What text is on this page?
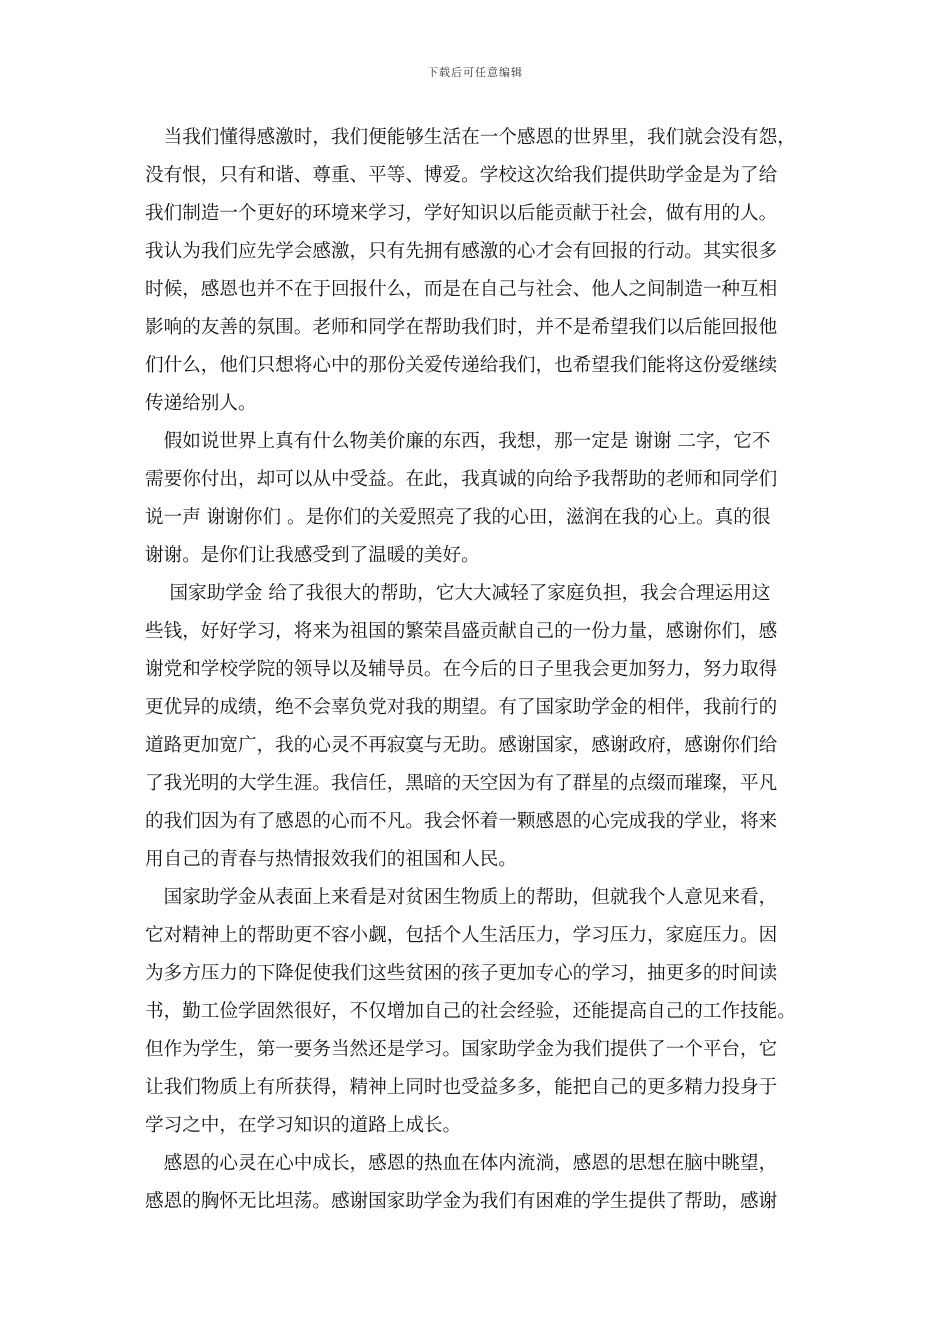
下载后可任意编辑
　当我们懂得感激时，我们便能够生活在一个感恩的世界里，我们就会没有怨，
没有恨，只有和谐、尊重、平等、博爱。学校这次给我们提供助学金是为了给
我们制造一个更好的环境来学习，学好知识以后能贡献于社会，做有用的人。
我认为我们应先学会感激，只有先拥有感激的心才会有回报的行动。其实很多
时候，感恩也并不在于回报什么，而是在自己与社会、他人之间制造一种互相
影响的友善的氛围。老师和同学在帮助我们时，并不是希望我们以后能回报他
们什么，他们只想将心中的那份关爱传递给我们，也希望我们能将这份爱继续
传递给别人。
　假如说世界上真有什么物美价廉的东西，我想，那一定是 谢谢 二字，它不
需要你付出，却可以从中受益。在此，我真诚的向给予我帮助的老师和同学们
说一声 谢谢你们 。是你们的关爱照亮了我的心田，滋润在我的心上。真的很
谢谢。是你们让我感受到了温暖的美好。
　 国家助学金 给了我很大的帮助，它大大减轻了家庭负担，我会合理运用这
些钱，好好学习，将来为祖国的繁荣昌盛贡献自己的一份力量，感谢你们，感
谢党和学校学院的领导以及辅导员。在今后的日子里我会更加努力，努力取得
更优异的成绩，绝不会辜负党对我的期望。有了国家助学金的相伴，我前行的
道路更加宽广，我的心灵不再寂寞与无助。感谢国家，感谢政府，感谢你们给
了我光明的大学生涯。我信任，黑暗的天空因为有了群星的点缀而璀璨，平凡
的我们因为有了感恩的心而不凡。我会怀着一颗感恩的心完成我的学业，将来
用自己的青春与热情报效我们的祖国和人民。
　国家助学金从表面上来看是对贫困生物质上的帮助，但就我个人意见来看，
它对精神上的帮助更不容小觑，包括个人生活压力，学习压力，家庭压力。因
为多方压力的下降促使我们这些贫困的孩子更加专心的学习，抽更多的时间读
书，勤工俭学固然很好，不仅增加自己的社会经验，还能提高自己的工作技能。
但作为学生，第一要务当然还是学习。国家助学金为我们提供了一个平台，它
让我们物质上有所获得，精神上同时也受益多多，能把自己的更多精力投身于
学习之中，在学习知识的道路上成长。
　感恩的心灵在心中成长，感恩的热血在体内流淌，感恩的思想在脑中眺望，
感恩的胸怀无比坦荡。感谢国家助学金为我们有困难的学生提供了帮助，感谢
